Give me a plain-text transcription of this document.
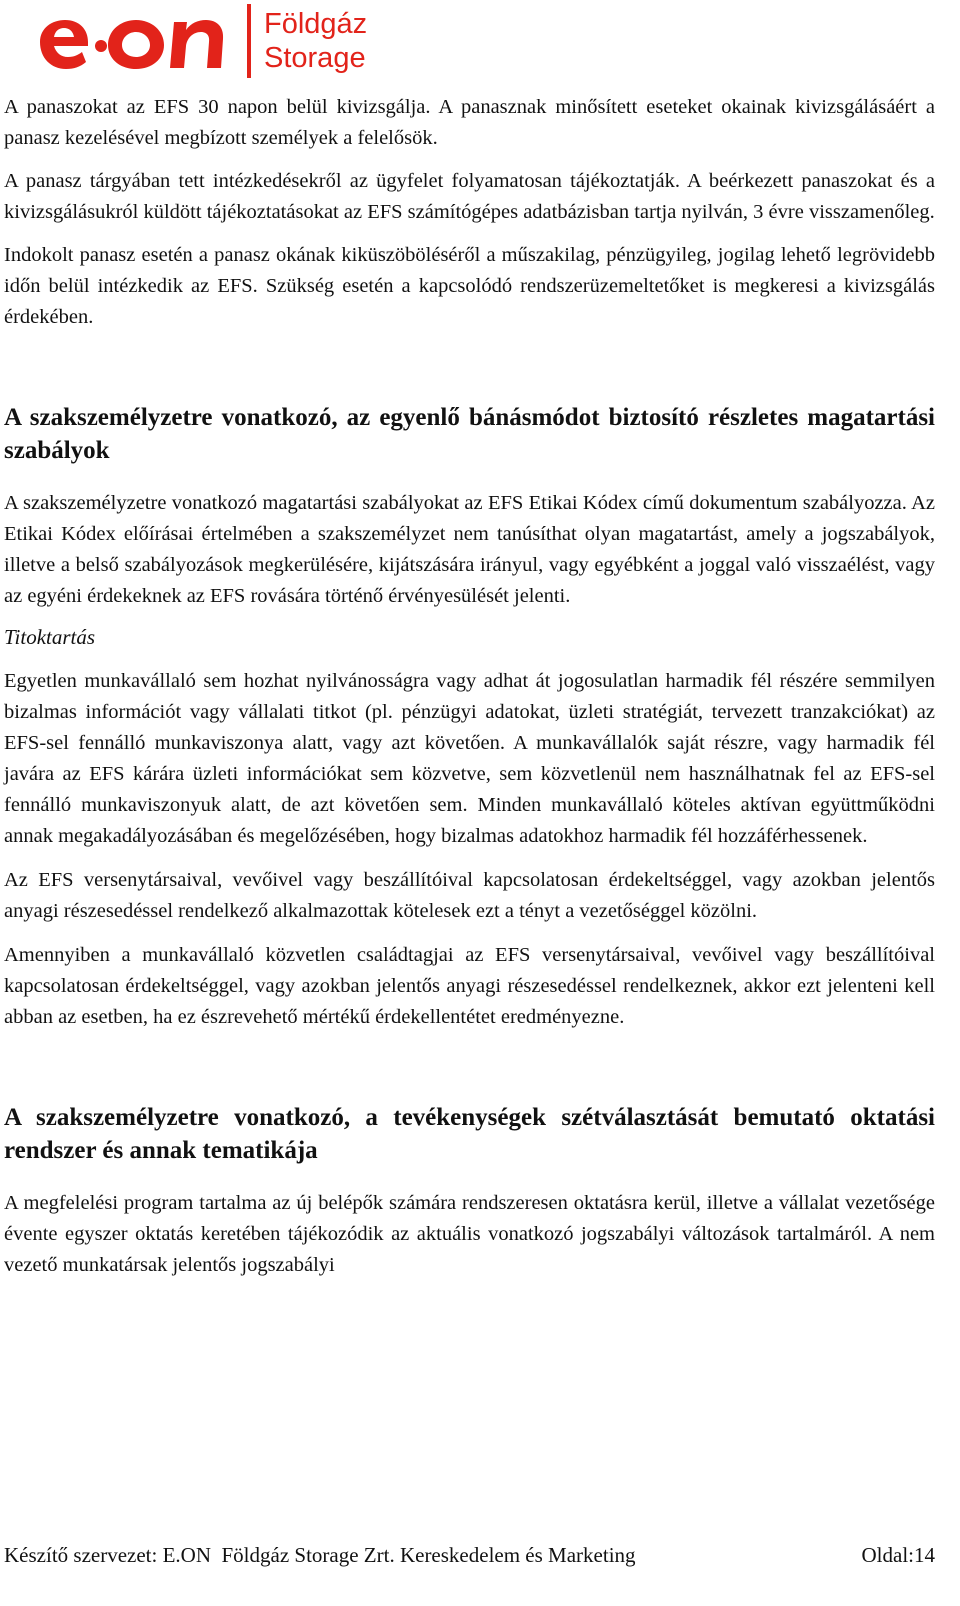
Földgáz
Storage

A panaszokat az EFS 30 napon belül kivizsgálja. A panasznak minősített eseteket okainak kivizsgálásáért a panasz kezelésével megbízott személyek a felelősök.

A panasz tárgyában tett intézkedésekről az ügyfelet folyamatosan tájékoztatják. A beérkezett panaszokat és a kivizsgálásukról küldött tájékoztatásokat az EFS számítógépes adatbázisban tartja nyilván, 3 évre visszamenőleg.

Indokolt panasz esetén a panasz okának kiküszöböléséről a műszakilag, pénzügyileg, jogilag lehető legrövidebb időn belül intézkedik az EFS. Szükség esetén a kapcsolódó rendszerüzemeltetőket is megkeresi a kivizsgálás érdekében.

A szakszemélyzetre vonatkozó, az egyenlő bánásmódot biztosító részletes magatartási szabályok

A szakszemélyzetre vonatkozó magatartási szabályokat az EFS Etikai Kódex című dokumentum szabályozza. Az Etikai Kódex előírásai értelmében a szakszemélyzet nem tanúsíthat olyan magatartást, amely a jogszabályok, illetve a belső szabályozások megkerülésére, kijátszására irányul, vagy egyébként a joggal való visszaélést, vagy az egyéni érdekeknek az EFS rovására történő érvényesülését jelenti.

Titoktartás

Egyetlen munkavállaló sem hozhat nyilvánosságra vagy adhat át jogosulatlan harmadik fél részére semmilyen bizalmas információt vagy vállalati titkot (pl. pénzügyi adatokat, üzleti stratégiát, tervezett tranzakciókat) az EFS-sel fennálló munkaviszonya alatt, vagy azt követően. A munkavállalók saját részre, vagy harmadik fél javára az EFS kárára üzleti információkat sem közvetve, sem közvetlenül nem használhatnak fel az EFS-sel fennálló munkaviszonyuk alatt, de azt követően sem. Minden munkavállaló köteles aktívan együttműködni annak megakadályozásában és megelőzésében, hogy bizalmas adatokhoz harmadik fél hozzáférhessenek.

Az EFS versenytársaival, vevőivel vagy beszállítóival kapcsolatosan érdekeltséggel, vagy azokban jelentős anyagi részesedéssel rendelkező alkalmazottak kötelesek ezt a tényt a vezetőséggel közölni.

Amennyiben a munkavállaló közvetlen családtagjai az EFS versenytársaival, vevőivel vagy beszállítóival kapcsolatosan érdekeltséggel, vagy azokban jelentős anyagi részesedéssel rendelkeznek, akkor ezt jelenteni kell abban az esetben, ha ez észrevehető mértékű érdekellentétet eredményezne.

A szakszemélyzetre vonatkozó, a tevékenységek szétválasztását bemutató oktatási rendszer és annak tematikája

A megfelelési program tartalma az új belépők számára rendszeresen oktatásra kerül, illetve a vállalat vezetősége évente egyszer oktatás keretében tájékozódik az aktuális vonatkozó jogszabályi változások tartalmáról. A nem vezető munkatársak jelentős jogszabályi

Készítő szervezet: E.ON  Földgáz Storage Zrt. Kereskedelem és Marketing	Oldal:14
